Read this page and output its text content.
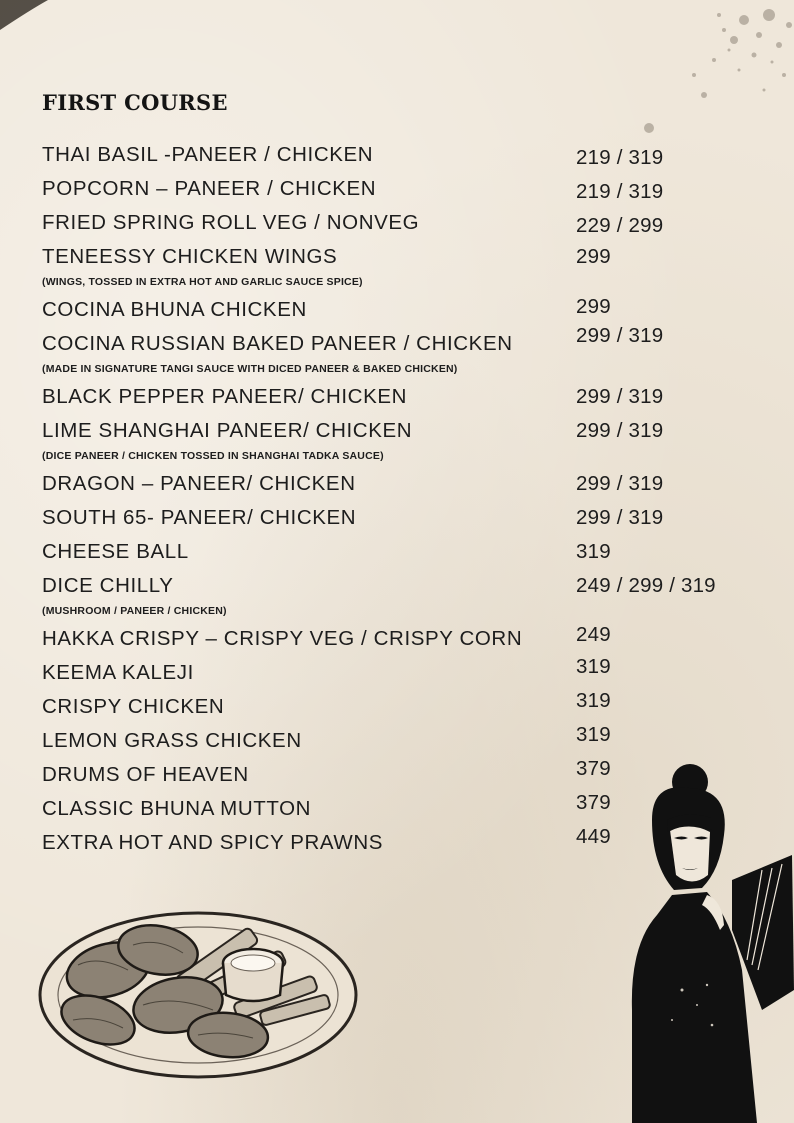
FIRST COURSE
THAI BASIL -PANEER / CHICKEN	219 / 319
POPCORN – PANEER / CHICKEN	219 / 319
FRIED SPRING ROLL VEG / NONVEG	229 / 299
TENEESSY CHICKEN WINGS	299
(WINGS, TOSSED IN EXTRA HOT AND GARLIC SAUCE SPICE)
COCINA BHUNA CHICKEN	299
COCINA RUSSIAN BAKED PANEER / CHICKEN	299 / 319
(MADE IN SIGNATURE TANGI SAUCE WITH DICED PANEER & BAKED CHICKEN)
BLACK PEPPER PANEER/ CHICKEN	299 / 319
LIME SHANGHAI PANEER/ CHICKEN	299 / 319
(DICE PANEER / CHICKEN TOSSED IN SHANGHAI TADKA SAUCE)
DRAGON – PANEER/ CHICKEN	299 / 319
SOUTH 65- PANEER/ CHICKEN	299 / 319
CHEESE BALL	319
DICE CHILLY	249 / 299 / 319
(MUSHROOM / PANEER / CHICKEN)
HAKKA CRISPY – CRISPY VEG / CRISPY CORN	249
KEEMA KALEJI	319
CRISPY CHICKEN	319
LEMON GRASS CHICKEN	319
DRUMS OF HEAVEN	379
CLASSIC BHUNA MUTTON	379
EXTRA HOT AND SPICY PRAWNS	449
